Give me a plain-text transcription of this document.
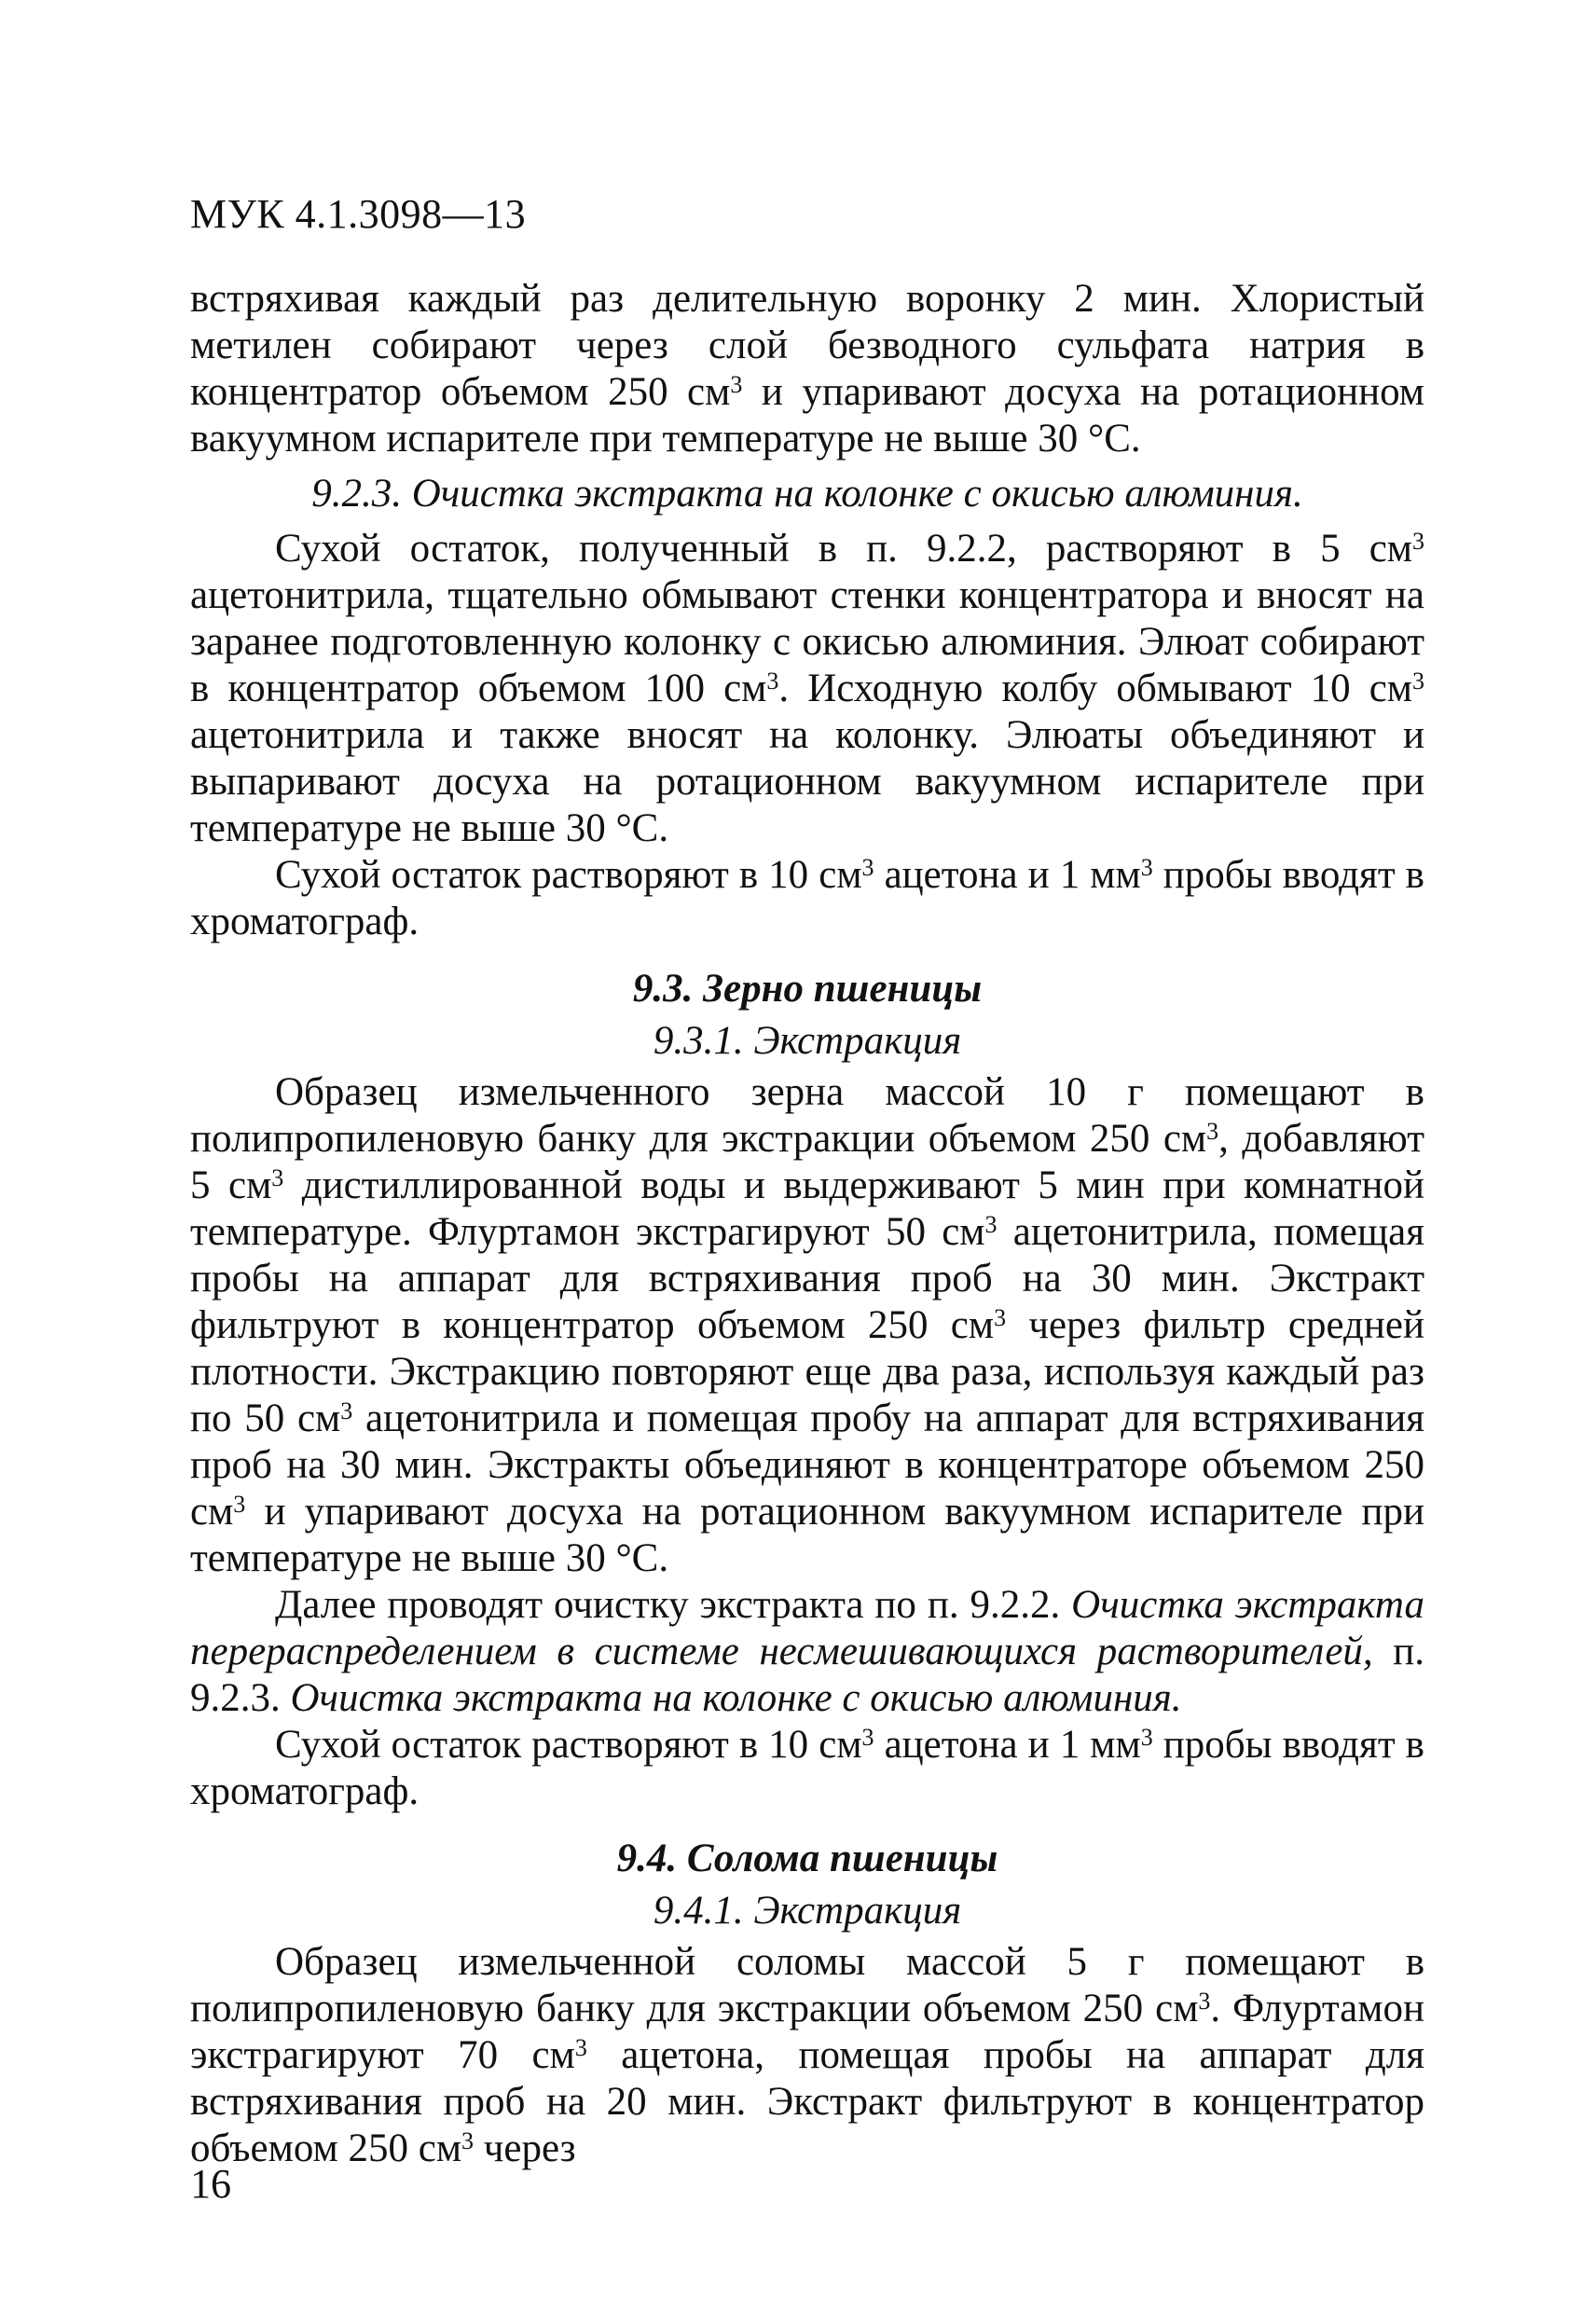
МУК 4.1.3098—13

встряхивая каждый раз делительную воронку 2 мин. Хлористый метилен собирают через слой безводного сульфата натрия в концентратор объемом 250 $см^3$ и упаривают досуха на ротационном вакуумном испарителе при температуре не выше 30 °С.

9.2.3. Очистка экстракта на колонке с окисью алюминия.

Сухой остаток, полученный в п. 9.2.2, растворяют в 5 $см^3$ ацетонитрила, тщательно обмывают стенки концентратора и вносят на заранее подготовленную колонку с окисью алюминия. Элюат собирают в концентратор объемом 100 $см^3$. Исходную колбу обмывают 10 $см^3$ ацетонитрила и также вносят на колонку. Элюаты объединяют и выпаривают досуха на ротационном вакуумном испарителе при температуре не выше 30 °С.

Сухой остаток растворяют в 10 $см^3$ ацетона и 1 $мм^3$ пробы вводят в хроматограф.

9.3. Зерно пшеницы

9.3.1. Экстракция

Образец измельченного зерна массой 10 г помещают в полипропиленовую банку для экстракции объемом 250 $см^3$, добавляют 5 $см^3$ дистиллированной воды и выдерживают 5 мин при комнатной температуре. Флуртамон экстрагируют 50 $см^3$ ацетонитрила, помещая пробы на аппарат для встряхивания проб на 30 мин. Экстракт фильтруют в концентратор объемом 250 $см^3$ через фильтр средней плотности. Экстракцию повторяют еще два раза, используя каждый раз по 50 $см^3$ ацетонитрила и помещая пробу на аппарат для встряхивания проб на 30 мин. Экстракты объединяют в концентраторе объемом 250 $см^3$ и упаривают досуха на ротационном вакуумном испарителе при температуре не выше 30 °С.

Далее проводят очистку экстракта по п. 9.2.2. Очистка экстракта перераспределением в системе несмешивающихся растворителей, п. 9.2.3. Очистка экстракта на колонке с окисью алюминия.

Сухой остаток растворяют в 10 $см^3$ ацетона и 1 $мм^3$ пробы вводят в хроматограф.

9.4. Солома пшеницы

9.4.1. Экстракция

Образец измельченной соломы массой 5 г помещают в полипропиленовую банку для экстракции объемом 250 $см^3$. Флуртамон экстрагируют 70 $см^3$ ацетона, помещая пробы на аппарат для встряхивания проб на 20 мин. Экстракт фильтруют в концентратор объемом 250 $см^3$ через

16
